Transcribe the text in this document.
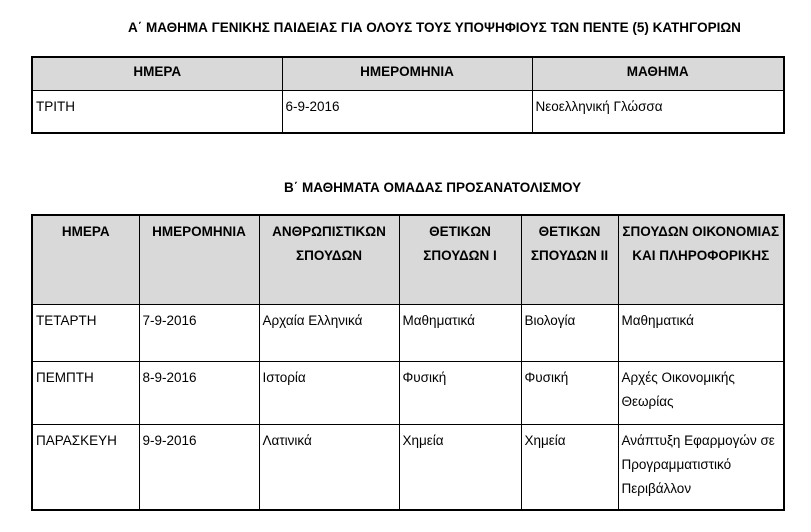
Α΄ ΜΑΘΗΜΑ ΓΕΝΙΚΗΣ ΠΑΙΔΕΙΑΣ ΓΙΑ ΟΛΟΥΣ ΤΟΥΣ ΥΠΟΨΗΦΙΟΥΣ ΤΩΝ ΠΕΝΤΕ (5) ΚΑΤΗΓΟΡΙΩΝ
ΗΜΕΡΑ	ΗΜΕΡΟΜΗΝΙΑ	ΜΑΘΗΜΑ
ΤΡΙΤΗ	6-9-2016	Νεοελληνική Γλώσσα
Β΄ ΜΑΘΗΜΑΤΑ ΟΜΑΔΑΣ ΠΡΟΣΑΝΑΤΟΛΙΣΜΟΥ
ΗΜΕΡΑ	ΗΜΕΡΟΜΗΝΙΑ	ΑΝΘΡΩΠΙΣΤΙΚΩΝ ΣΠΟΥΔΩΝ	ΘΕΤΙΚΩΝ ΣΠΟΥΔΩΝ Ι	ΘΕΤΙΚΩΝ ΣΠΟΥΔΩΝ ΙΙ	ΣΠΟΥΔΩΝ ΟΙΚΟΝΟΜΙΑΣ ΚΑΙ ΠΛΗΡΟΦΟΡΙΚΗΣ
ΤΕΤΑΡΤΗ	7-9-2016	Αρχαία Ελληνικά	Μαθηματικά	Βιολογία	Μαθηματικά
ΠΕΜΠΤΗ	8-9-2016	Ιστορία	Φυσική	Φυσική	Αρχές Οικονομικής Θεωρίας
ΠΑΡΑΣΚΕΥΗ	9-9-2016	Λατινικά	Χημεία	Χημεία	Ανάπτυξη Εφαρμογών σε Προγραμματιστικό Περιβάλλον
